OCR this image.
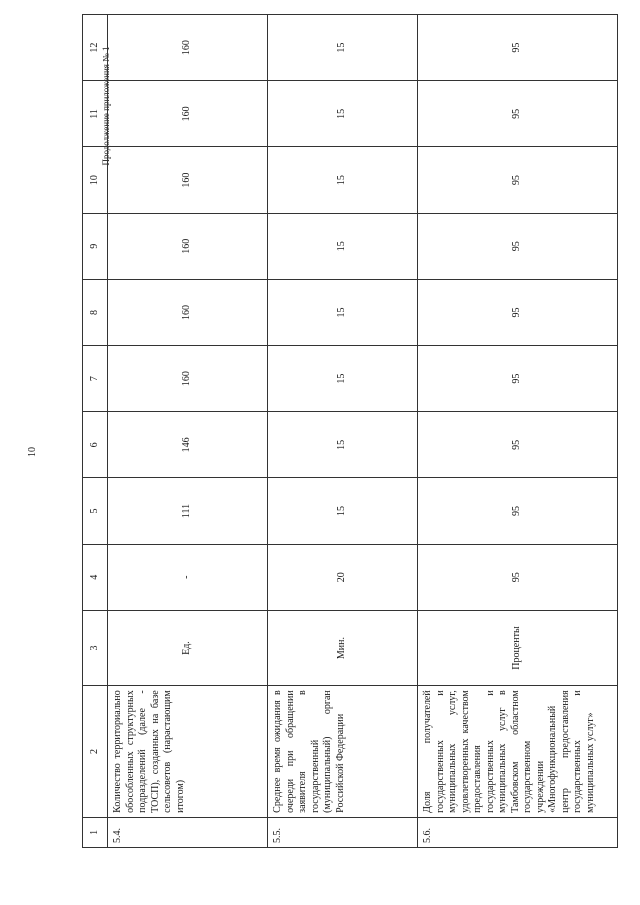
10
Продолжение приложения № 1
1	2	3	4	5	6	7	8	9	10	11	12
5.4.	Количество территориально обособленных структурных подразделений (далее - ТОСП), созданных на базе сельсоветов (нарастающим итогом)	Ед.	-	111	146	160	160	160	160	160	160
5.5.	Среднее время ожидания в очереди при обращении заявителя в государственный (муниципальный) орган Российской Федерации	Мин.	20	15	15	15	15	15	15	15	15
5.6.	Доля получателей государственных и муниципальных услуг, удовлетворенных качеством предоставления государственных и муниципальных услуг в Тамбовском областном государственном учреждении «Многофункциональный центр предоставления государственных и муниципальных услуг»	Проценты	95	95	95	95	95	95	95	95	95
